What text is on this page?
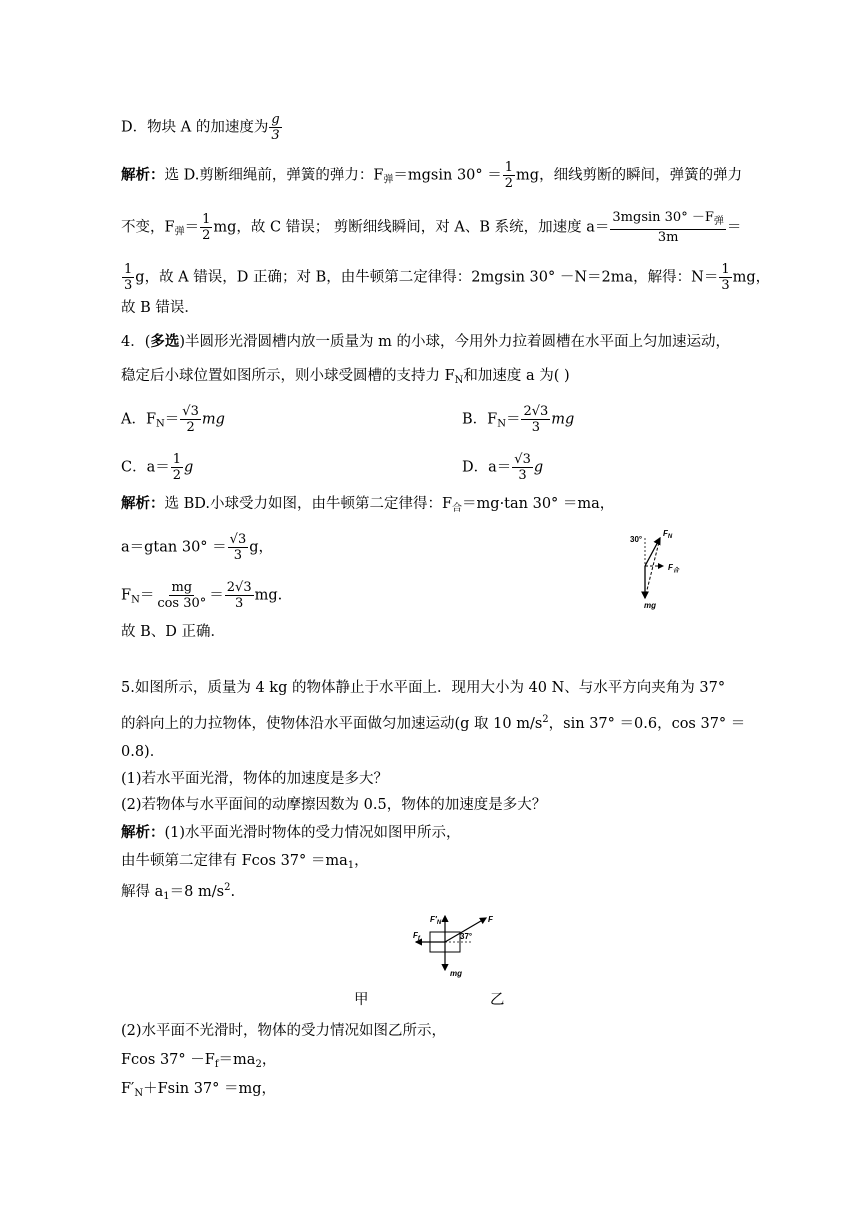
D．物块 A 的加速度为 $\frac{g}{3}$
解析：选 D.剪断细绳前，弹簧的弹力：$F_弹=mgsin$ $30^\circ = \frac{1}{2}$ mg，细线剪断的瞬间，弹簧的弹力
不变，$F_弹= \frac{1}{2}$ mg，故 C 错误； 剪断细线瞬间，对 A、B 系统，加速度 $a= \frac{3mgsin 30^\circ -F_弹}{3m}$ ＝
$\frac{1}{3}$ g，故 A 错误，D 正确；对 B，由牛顿第二定律得：2mgsin 30° －N＝2ma，解得：$N= \frac{1}{3}$ mg，
故 B 错误．
4．(多选)半圆形光滑圆槽内放一质量为 m 的小球，今用外力拉着圆槽在水平面上匀加速运动，
稳定后小球位置如图所示，则小球受圆槽的支持力 $F_N$和加速度 a 为( )
A．$F_N= \frac{√3}{2}$ mg	B．$F_N= \frac{2√3}{3}$ mg
C．$a= \frac{1}{2}$ g	D．$a= \frac{√3}{3}$ g
解析：选 BD.小球受力如图，由牛顿第二定律得：$F_合=mg\cdot\tan$ 30° ＝ma，
a＝gtan $30^\circ = \frac{√3}{3}$ g，
$F_N= \frac{mg}{\cos 30^\circ} = \frac{2√3}{3}$ mg.
故 B、D 正确．
30°
$F_N$
$F_合$
mg
5.如图所示，质量为 4 kg 的物体静止于水平面上．现用大小为 40 N、与水平方向夹角为 37°
的斜向上的力拉物体，使物体沿水平面做匀加速运动(g 取 10 $m/s^2$，sin 37° ＝0.6，cos 37° ＝
0.8)．
(1)若水平面光滑，物体的加速度是多大？
(2)若物体与水平面间的动摩擦因数为 0.5，物体的加速度是多大？
解析：(1)水平面光滑时物体的受力情况如图甲所示，
由牛顿第二定律有 Fcos $37^\circ =ma_1$，
解得 $a_1=8$ $m/s^2$.
$F'_N$	F
$F_f$	37°
mg
甲	乙
(2)水平面不光滑时，物体的受力情况如图乙所示，
Fcos $37^\circ -F_f=ma_2$，
$F'_N+Fsin$ 37° ＝mg，
